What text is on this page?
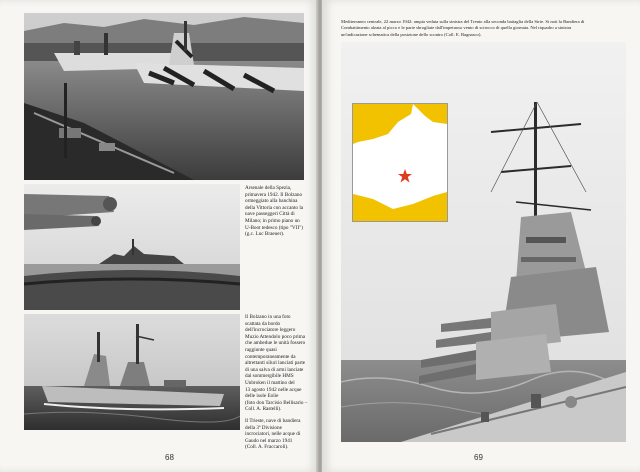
Arsenale della Spezia,
primavera 1942. Il Bolzano
ormeggiato alla banchina
della Vittoria con accanto la
nave passeggeri Città di
Milano; in primo piano un
U-Boot tedesco (tipo "VII")
(g.c. Luc Braeuer).
Il Bolzano in una foto
scattata da bordo
dell'incrociatore leggero
Muzio Attendolo poco prima
che ambedue le unità fossero
raggiunte quasi
contemporaneamente da
altrettanti siluri lanciati parte
di una salva di armi lanciate
dal sommergibile HMS
Unbroken il mattino del
13 agosto 1942 nelle acque
delle isole Eolie
(foto don Tarcisio Bellisario –
Coll. A. Rastelli).
Il Trieste, nave di bandiera
della 3ª Divisione
incrociatori, nelle acque di
Gaudo nel marzo 1941
(Coll. A. Fraccaroli).
68	69
Mediterraneo centrale, 22 marzo 1942: ampia veduta sulla sinistra del Trento alla seconda battaglia della Sirte. Si noti la Bandiera di
Combattimento alzata al picco e le parte sbrogliate dall'impetuoso vento di scirocco di quella giornata. Nel riquadro a sinistra
un'indicazione schematica della posizione dello scontro (Coll. E. Bagnasco).
